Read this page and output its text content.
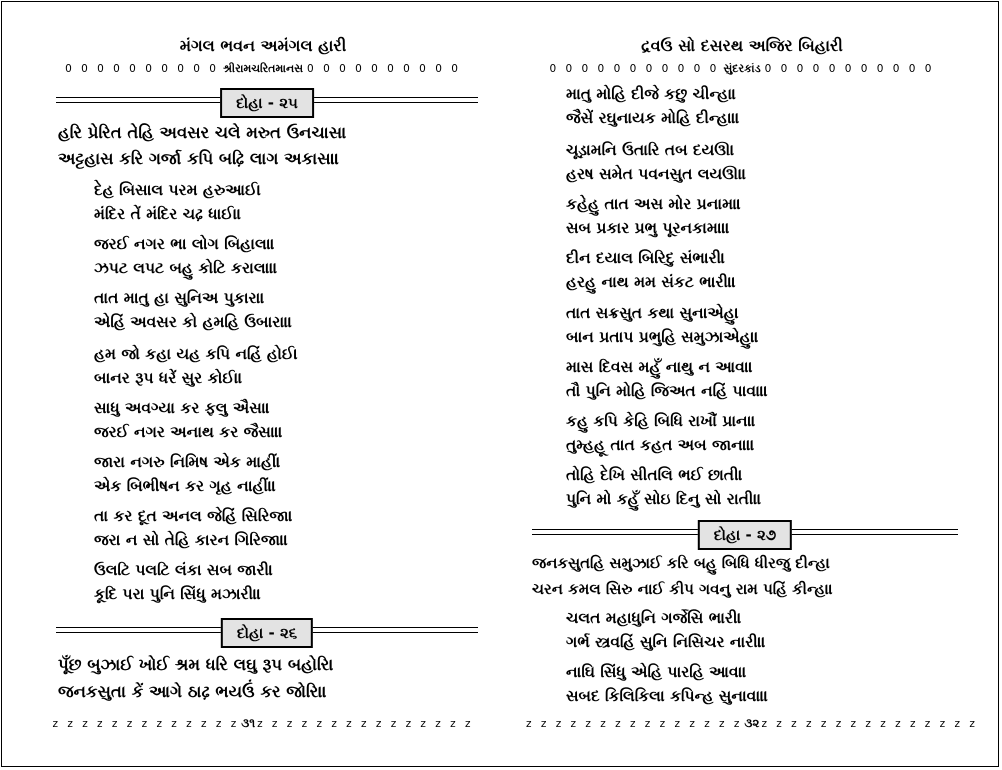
મંગલ ભવન અમંગલ હારી
0 0 0 0 0 0 0 0 0 0 શ્રીરામચરિતમાનસ 0 0 0 0 0 0 0 0 0 0
દોહા - ૨૫
હરિ પ્રેરિત તેહિ અવસર ચલે મરુત ઉનચાસ।
અટ્ટહાસ કરિ ગર્જા કપિ બઢ઼િ લાગ અકાસ॥
દેહ બિસાલ પરમ હરુઆઈ।
મંદિર તેં મંદિર ચઢ઼ ધાઈ॥
જરઈ નગર ભા લોગ બિહાલા।
ઝપટ લપટ બહુ કોટિ કરાલા॥
તાત માતુ હા સુનિઅ પુકારા।
એહિં અવસર કો હમહિ ઉબારા॥
હમ જો કહા યહ કપિ નહિં હોઈ।
બાનર રૂપ ધરેં સુર કોઈ॥
સાધુ અવગ્યા કર ફલુ ઐસા।
જરઈ નગર અનાથ કર જૈસા॥
જારા નગરુ નિમિષ એક માહીં।
એક બિભીષન કર ગૃહ નાહીં॥
તા કર દૂત અનલ જેહિં સિરિજા।
જરા ન સો તેહિ કારન ગિરિજા॥
ઉલટિ પલટિ લંકા સબ જારી।
કૂદિ પરા પુનિ સિંધુ મઝારી॥
દોહા - ૨૬
પૂઁછ બુઝાઈ ખોઈ શ્રમ ધરિ લઘુ રૂપ બહોરિ।
જનકસુતા કેં આગે ઠાઢ઼ ભયઉં કર જોરિ॥
z z z z z z z z z z z z z ૩૧ z z z z z z z z z z z z z z z
દ્રવઉ સો દસરથ અજિર બિહારી
0 0 0 0 0 0 0 0 0 0 0 સુંદરકાંડ 0 0 0 0 0 0 0 0 0 0 0
માતુ મોહિ દીજે કછુ ચીન્હા।
જૈસેં રઘુનાયક મોહિ દીન્હા॥
ચૂડ઼ામનિ ઉતારિ તબ દયઊ।
હરષ સમેત પવનસુત લયઊ॥
કહેહુ તાત અસ મોર પ્રનામા।
સબ પ્રકાર પ્રભુ પૂરનકામા॥
દીન દયાલ બિરિદુ સંભારી।
હરહુ નાથ મમ સંકટ ભારી॥
તાત સક્રસુત કથા સુનાએહુ।
બાન પ્રતાપ પ્રભુહિ સમુઝાએહુ॥
માસ દિવસ મહુઁ નાથુ ન આવા।
તૌ પુનિ મોહિ જિઅત નહિં પાવા॥
કહુ કપિ કેહિ બિધિ રાખૌં પ્રાના।
તુમ્હહૂ તાત કહત અબ જાના॥
તોહિ દેખિ સીતલિ ભઈ છાતી।
પુનિ મો કહુઁ સોઇ દિનુ સો રાતી॥
દોહા - ૨૭
જનકસુતહિ સમુઝાઈ કરિ બહુ બિધિ ધીરજુ દીન્હ।
ચરન કમલ સિરુ નાઈ કીપ ગવનુ રામ પહિં કીન્હ॥
ચલત મહાધુનિ ગર્જેસિ ભારી।
ગર્ભ સ્ત્રવહિં સુનિ નિસિચર નારી॥
નાઘિ સિંધુ એહિ પારહિ આવા।
સબદ કિલિકિલા કપિન્હ સુનાવા॥
z z z z z z z z z z z z z z z ૩૨ z z z z z z z z z z z z z z z
